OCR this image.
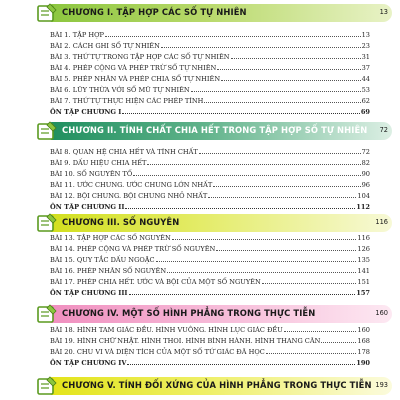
CHƯƠNG I. TẬP HỢP CÁC SỐ TỰ NHIÊN	13
BÀI 1. TẬP HỢP	13
BÀI 2. CÁCH GHI SỐ TỰ NHIÊN	23
BÀI 3. THỨ TỰ TRONG TẬP HỢP CÁC SỐ TỰ NHIÊN	31
BÀI 4. PHÉP CỘNG VÀ PHÉP TRỪ SỐ TỰ NHIÊN	37
BÀI 5. PHÉP NHÂN VÀ PHÉP CHIA SỐ TỰ NHIÊN	44
BÀI 6. LŨY THỪA VỚI SỐ MŨ TỰ NHIÊN	53
BÀI 7. THỨ TỰ THỰC HIỆN CÁC PHÉP TÍNH	62
ÔN TẬP CHƯƠNG I	69
CHƯƠNG II. TÍNH CHẤT CHIA HẾT TRONG TẬP HỢP SỐ TỰ NHIÊN 72
BÀI 8. QUAN HỆ CHIA HẾT VÀ TÍNH CHẤT	72
BÀI 9. DẤU HIỆU CHIA HẾT	82
BÀI 10. SỐ NGUYÊN TỐ	90
BÀI 11. ƯỚC CHUNG. ƯỚC CHUNG LỚN NHẤT	96
BÀI 12. BỘI CHUNG. BỘI CHUNG NHỎ NHẤT	104
ÔN TẬP CHƯƠNG II	112
CHƯƠNG III. SỐ NGUYÊN	116
BÀI 13. TẬP HỢP CÁC SỐ NGUYÊN	116
BÀI 14. PHÉP CỘNG VÀ PHÉP TRỪ SỐ NGUYÊN	126
BÀI 15. QUY TẮC DẤU NGOẶC	135
BÀI 16. PHÉP NHÂN SỐ NGUYÊN	141
BÀI 17. PHÉP CHIA HẾT. ƯỚC VÀ BỘI CỦA MỘT SỐ NGUYÊN	151
ÔN TẬP CHƯƠNG III	157
CHƯƠNG IV. MỘT SỐ HÌNH PHẲNG TRONG THỰC TIỄN	160
BÀI 18. HÌNH TAM GIÁC ĐỀU. HÌNH VUÔNG. HÌNH LỤC GIÁC ĐỀU	160
BÀI 19. HÌNH CHỮ NHẬT. HÌNH THOI. HÌNH BÌNH HÀNH. HÌNH THANG CÂN	168
BÀI 20. CHU VI VÀ DIỆN TÍCH CỦA MỘT SỐ TỨ GIÁC ĐÃ HỌC	178
ÔN TẬP CHƯƠNG IV	190
CHƯƠNG V. TÍNH ĐỐI XỨNG CỦA HÌNH PHẲNG TRONG THỰC TIỄN 193
